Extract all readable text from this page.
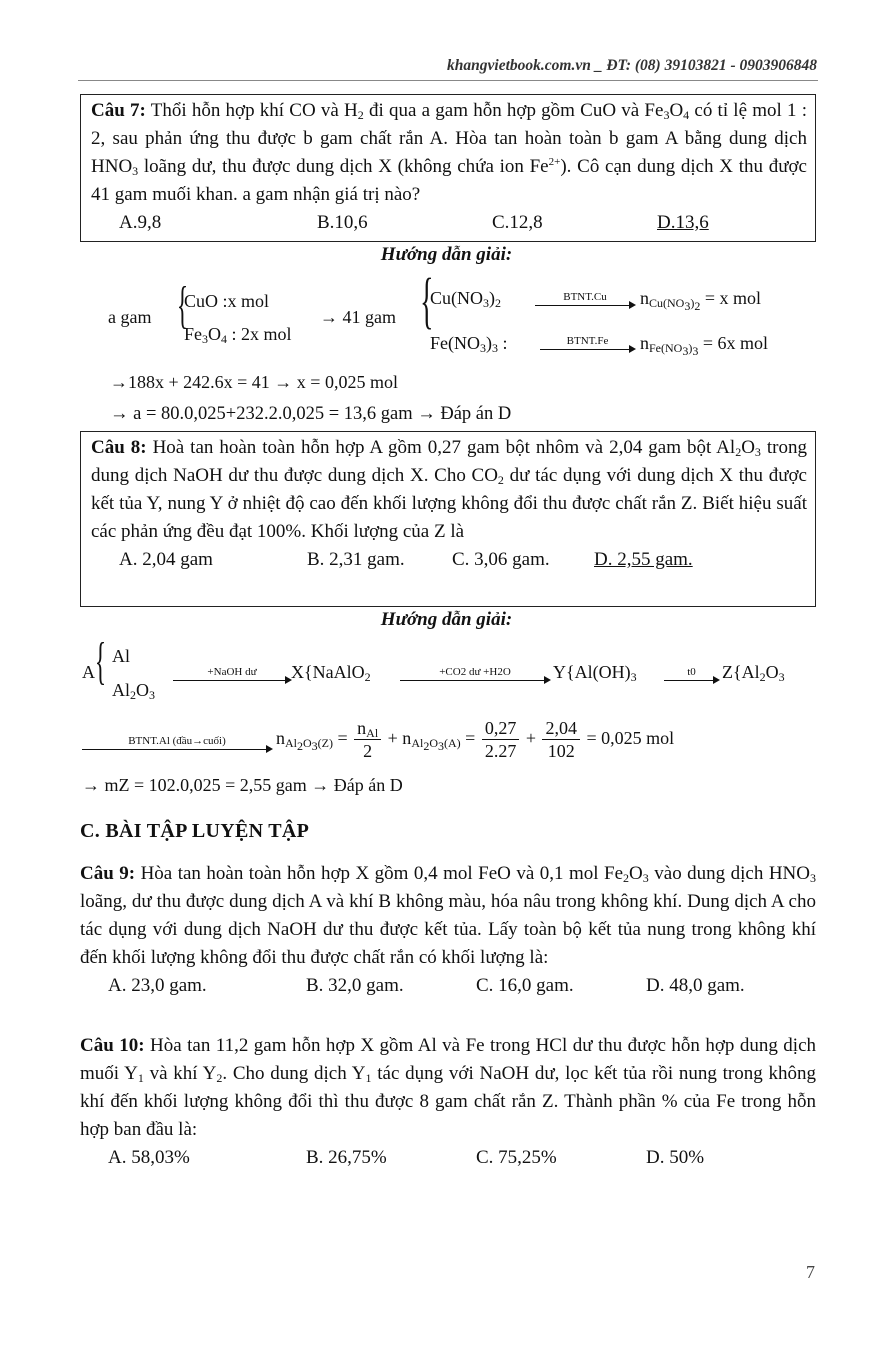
khangvietbook.com.vn _ ĐT: (08) 39103821 - 0903906848

Câu 7: Thổi hỗn hợp khí CO và $H_2$ đi qua a gam hỗn hợp gồm CuO và $Fe_3O_4$ có tỉ lệ mol 1 : 2, sau phản ứng thu được b gam chất rắn A. Hòa tan hoàn toàn b gam A bằng dung dịch $HNO_3$ loãng dư, thu được dung dịch X (không chứa ion $Fe^{2+}$). Cô cạn dung dịch X thu được 41 gam muối khan. a gam nhận giá trị nào?

A.9,8	B.10,6	C.12,8	D.13,6
Hướng dẫn giải:
a gam {
CuO :x mol
$Fe_3O_4$ : 2x mol
→ 41 gam {
$Cu(NO_3)_2$	BTNT.Cu	$n_{Cu(NO_3)_2} = x$ mol
$Fe(NO_3)_3$ :	BTNT.Fe	$n_{Fe(NO_3)_3} = 6x$ mol
→188x + 242.6x = 41 → x = 0,025 mol
→ a = 80.0,025+232.2.0,025 = 13,6 gam → Đáp án D

Câu 8: Hoà tan hoàn toàn hỗn hợp A gồm 0,27 gam bột nhôm và 2,04 gam bột $Al_2O_3$ trong dung dịch NaOH dư thu được dung dịch X. Cho $CO_2$ dư tác dụng với dung dịch X thu được kết tủa Y, nung Y ở nhiệt độ cao đến khối lượng không đổi thu được chất rắn Z. Biết hiệu suất các phản ứng đều đạt 100%. Khối lượng của Z là

A. 2,04 gam	B. 2,31 gam. C. 3,06 gam. D. 2,55 gam.
Hướng dẫn giải:
A { Al
$Al_2O_3$
+NaOH dư	X{NaAlO$_2$	+CO2 dư +H2O	$Y\{Al(OH)_3$	t0	$Z\{Al_2O_3$
BTNT.Al (đầu→cuối)	$n_{Al_2O_3(Z)} = \frac{n_{Al}}{2} + n_{Al_2O_3(A)} = \frac{0,27}{2.27} + \frac{2,04}{102} = 0,025$ mol
→ mZ = 102.0,025 = 2,55 gam → Đáp án D
C. BÀI TẬP LUYỆN TẬP

Câu 9: Hòa tan hoàn toàn hỗn hợp X gồm 0,4 mol FeO và 0,1 mol $Fe_2O_3$ vào dung dịch $HNO_3$ loãng, dư thu được dung dịch A và khí B không màu, hóa nâu trong không khí. Dung dịch A cho tác dụng với dung dịch NaOH dư thu được kết tủa. Lấy toàn bộ kết tủa nung trong không khí đến khối lượng không đổi thu được chất rắn có khối lượng là:

A. 23,0 gam.	B. 32,0 gam.	C. 16,0 gam.	D. 48,0 gam.

Câu 10: Hòa tan 11,2 gam hỗn hợp X gồm Al và Fe trong HCl dư thu được hỗn hợp dung dịch muối $Y_1$ và khí $Y_2$. Cho dung dịch $Y_1$ tác dụng với NaOH dư, lọc kết tủa rồi nung trong không khí đến khối lượng không đổi thì thu được 8 gam chất rắn Z. Thành phần % của Fe trong hỗn hợp ban đầu là:

A. 58,03%	B. 26,75%	C. 75,25%	D. 50%
7
